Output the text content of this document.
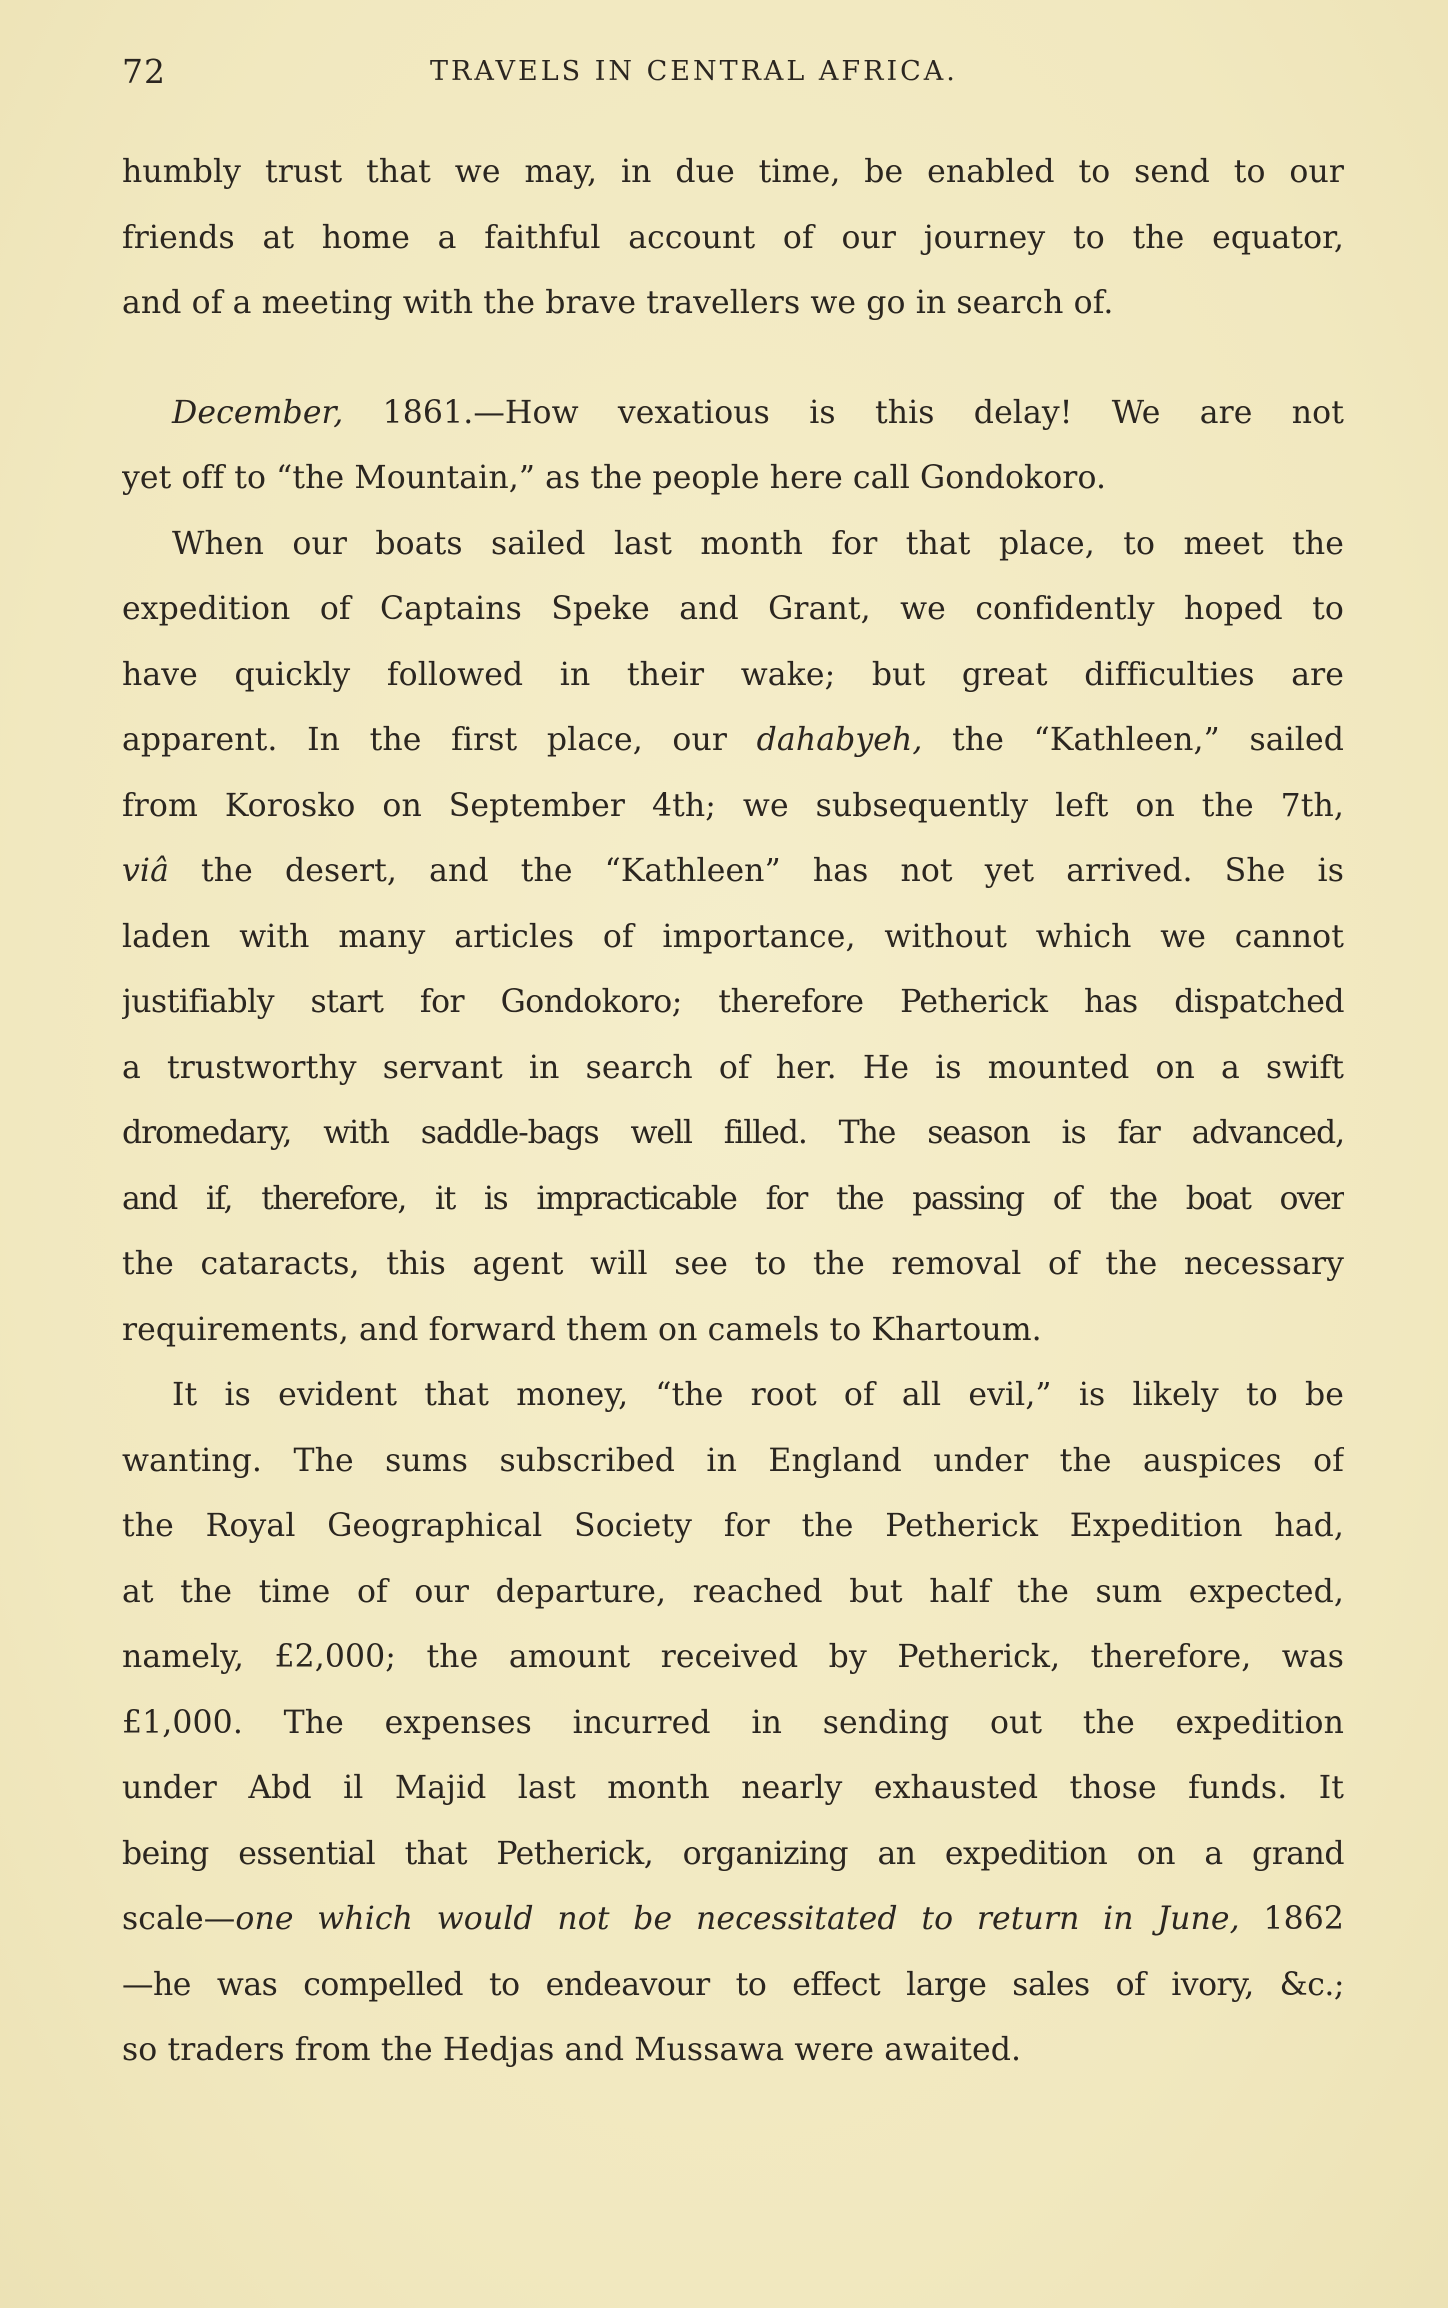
72	TRAVELS IN CENTRAL AFRICA.
humbly trust that we may, in due time, be enabled to send to our
friends at home a faithful account of our journey to the equator,
and of a meeting with the brave travellers we go in search of.
December, 1861.—How vexatious is this delay! We are not
yet off to “the Mountain,” as the people here call Gondokoro.
When our boats sailed last month for that place, to meet the
expedition of Captains Speke and Grant, we confidently hoped to
have quickly followed in their wake; but great difficulties are
apparent. In the first place, our dahabyeh, the “Kathleen,” sailed
from Korosko on September 4th; we subsequently left on the 7th,
viâ the desert, and the “Kathleen” has not yet arrived. She is
laden with many articles of importance, without which we cannot
justifiably start for Gondokoro; therefore Petherick has dispatched
a trustworthy servant in search of her. He is mounted on a swift
dromedary, with saddle-bags well filled. The season is far advanced,
and if, therefore, it is impracticable for the passing of the boat over
the cataracts, this agent will see to the removal of the necessary
requirements, and forward them on camels to Khartoum.
It is evident that money, “the root of all evil,” is likely to be
wanting. The sums subscribed in England under the auspices of
the Royal Geographical Society for the Petherick Expedition had,
at the time of our departure, reached but half the sum expected,
namely, £2,000; the amount received by Petherick, therefore, was
£1,000. The expenses incurred in sending out the expedition
under Abd il Majid last month nearly exhausted those funds. It
being essential that Petherick, organizing an expedition on a grand
scale—one which would not be necessitated to return in June, 1862
—he was compelled to endeavour to effect large sales of ivory, &c.;
so traders from the Hedjas and Mussawa were awaited.
